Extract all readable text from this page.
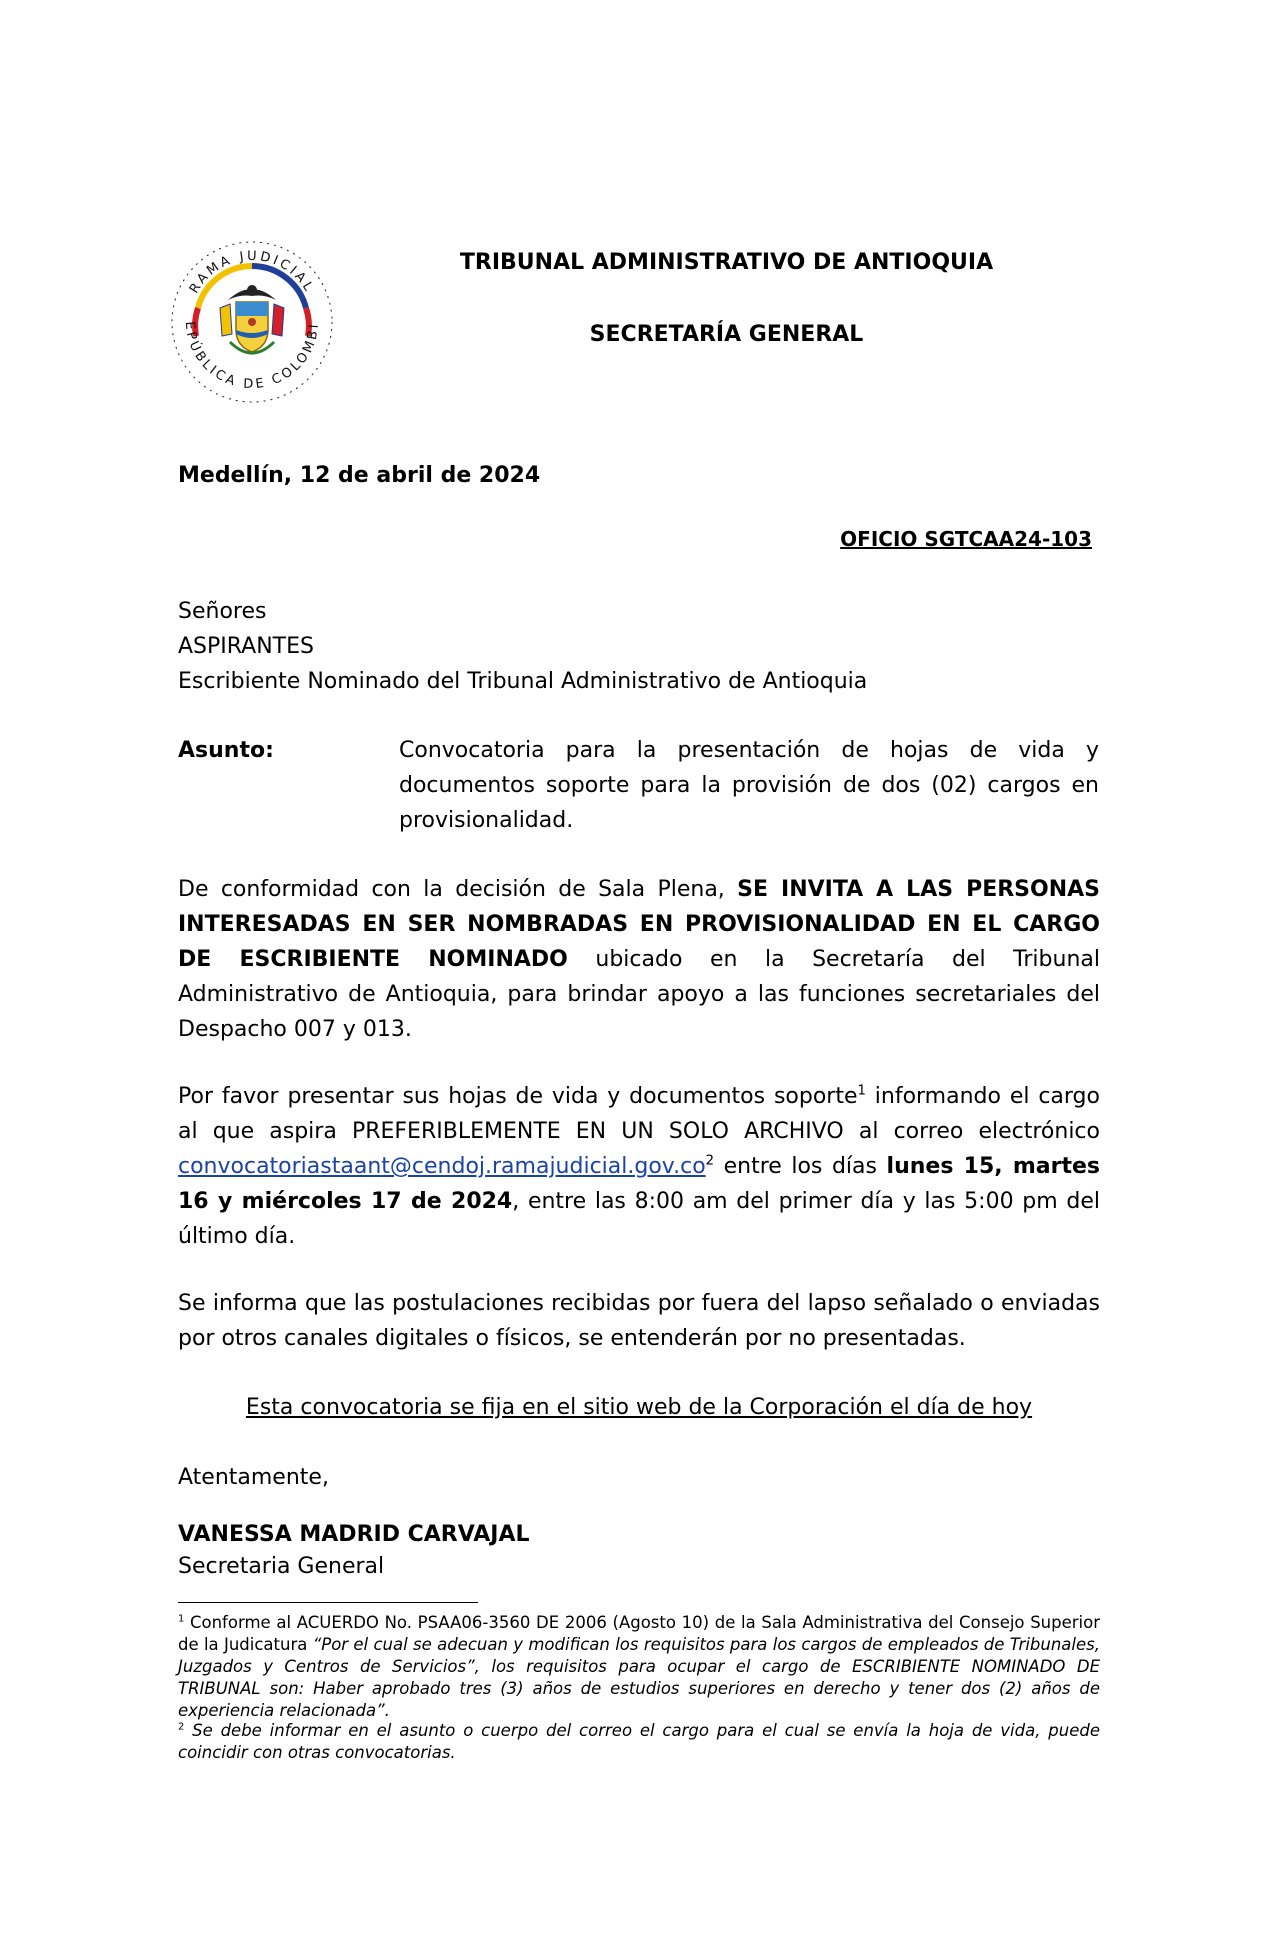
RAMA JUDICIAL
EPÚBLICA DE COLOMBI
TRIBUNAL ADMINISTRATIVO DE ANTIOQUIA
SECRETARÍA GENERAL
Medellín, 12 de abril de 2024
OFICIO SGTCAA24-103
Señores
ASPIRANTES
Escribiente Nominado del Tribunal Administrativo de Antioquia
Asunto:	Convocatoria para la presentación de hojas de vida y documentos soporte para la provisión de dos (02) cargos en provisionalidad.
De conformidad con la decisión de Sala Plena, SE INVITA A LAS PERSONAS INTERESADAS EN SER NOMBRADAS EN PROVISIONALIDAD EN EL CARGO DE ESCRIBIENTE NOMINADO ubicado en la Secretaría del Tribunal Administrativo de Antioquia, para brindar apoyo a las funciones secretariales del Despacho 007 y 013.
Por favor presentar sus hojas de vida y documentos soporte$^1$ informando el cargo al que aspira PREFERIBLEMENTE EN UN SOLO ARCHIVO al correo electrónico $convocatoriastaant@cendoj.ramajudicial.gov.co^2$ entre los días lunes 15, martes 16 y miércoles 17 de 2024, entre las 8:00 am del primer día y las 5:00 pm del último día.
Se informa que las postulaciones recibidas por fuera del lapso señalado o enviadas por otros canales digitales o físicos, se entenderán por no presentadas.
Esta convocatoria se fija en el sitio web de la Corporación el día de hoy
Atentamente,
VANESSA MADRID CARVAJAL
Secretaria General
$^1$ Conforme al ACUERDO No. PSAA06-3560 DE 2006 (Agosto 10) de la Sala Administrativa del Consejo Superior de la Judicatura “Por el cual se adecuan y modifican los requisitos para los cargos de empleados de Tribunales, Juzgados y Centros de Servicios”, los requisitos para ocupar el cargo de ESCRIBIENTE NOMINADO DE TRIBUNAL son: Haber aprobado tres (3) años de estudios superiores en derecho y tener dos (2) años de experiencia relacionada”.
$^2$ Se debe informar en el asunto o cuerpo del correo el cargo para el cual se envía la hoja de vida, puede coincidir con otras convocatorias.
